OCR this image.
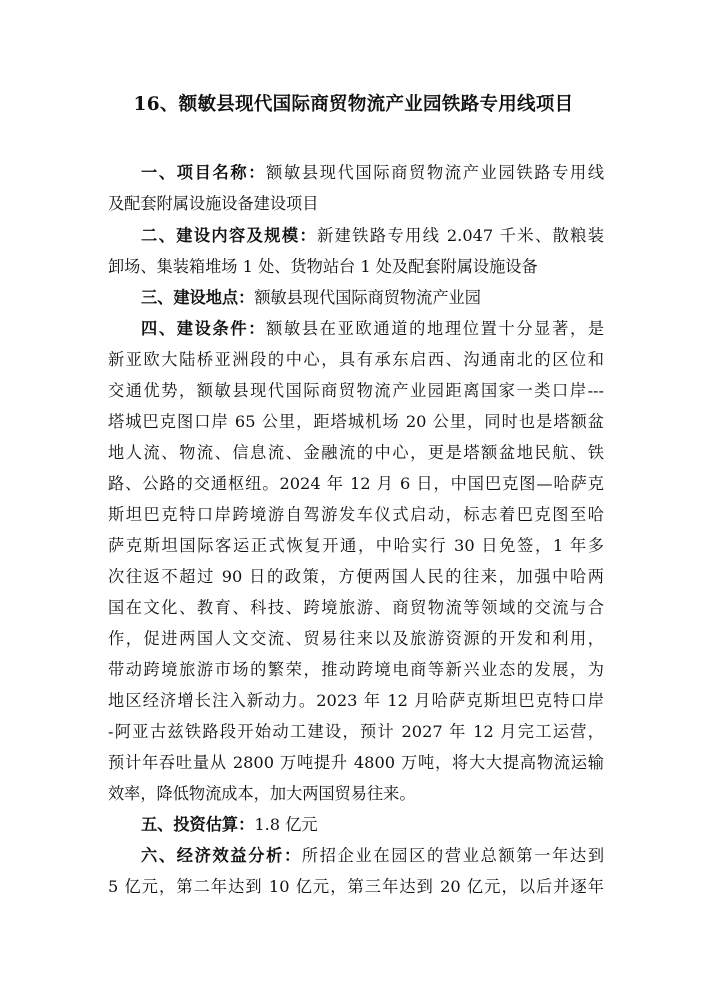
16、额敏县现代国际商贸物流产业园铁路专用线项目
一、项目名称：额敏县现代国际商贸物流产业园铁路专用线
及配套附属设施设备建设项目
二、建设内容及规模：新建铁路专用线 2.047 千米、散粮装
卸场、集装箱堆场 1 处、货物站台 1 处及配套附属设施设备
三、建设地点：额敏县现代国际商贸物流产业园
四、建设条件：额敏县在亚欧通道的地理位置十分显著，是
新亚欧大陆桥亚洲段的中心，具有承东启西、沟通南北的区位和
交通优势，额敏县现代国际商贸物流产业园距离国家一类口岸---
塔城巴克图口岸 65 公里，距塔城机场 20 公里，同时也是塔额盆
地人流、物流、信息流、金融流的中心，更是塔额盆地民航、铁
路、公路的交通枢纽。2024 年 12 月 6 日，中国巴克图—哈萨克
斯坦巴克特口岸跨境游自驾游发车仪式启动，标志着巴克图至哈
萨克斯坦国际客运正式恢复开通，中哈实行 30 日免签，1 年多
次往返不超过 90 日的政策，方便两国人民的往来，加强中哈两
国在文化、教育、科技、跨境旅游、商贸物流等领域的交流与合
作，促进两国人文交流、贸易往来以及旅游资源的开发和利用，
带动跨境旅游市场的繁荣，推动跨境电商等新兴业态的发展，为
地区经济增长注入新动力。2023 年 12 月哈萨克斯坦巴克特口岸
-阿亚古兹铁路段开始动工建设，预计 2027 年 12 月完工运营，
预计年吞吐量从 2800 万吨提升 4800 万吨，将大大提高物流运输
效率，降低物流成本，加大两国贸易往来。
五、投资估算：1.8 亿元
六、经济效益分析：所招企业在园区的营业总额第一年达到
5 亿元，第二年达到 10 亿元，第三年达到 20 亿元，以后并逐年
